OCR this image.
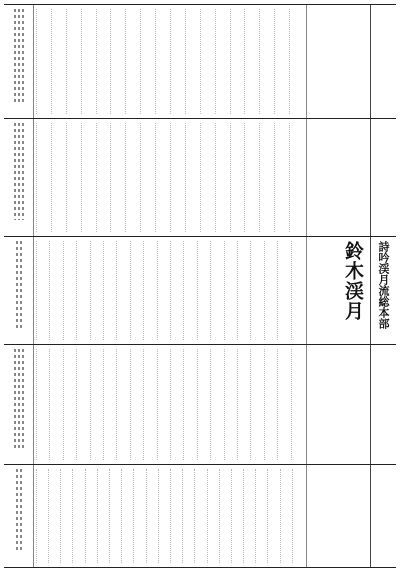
詩吟渓月流総本部
鈴木渓月
